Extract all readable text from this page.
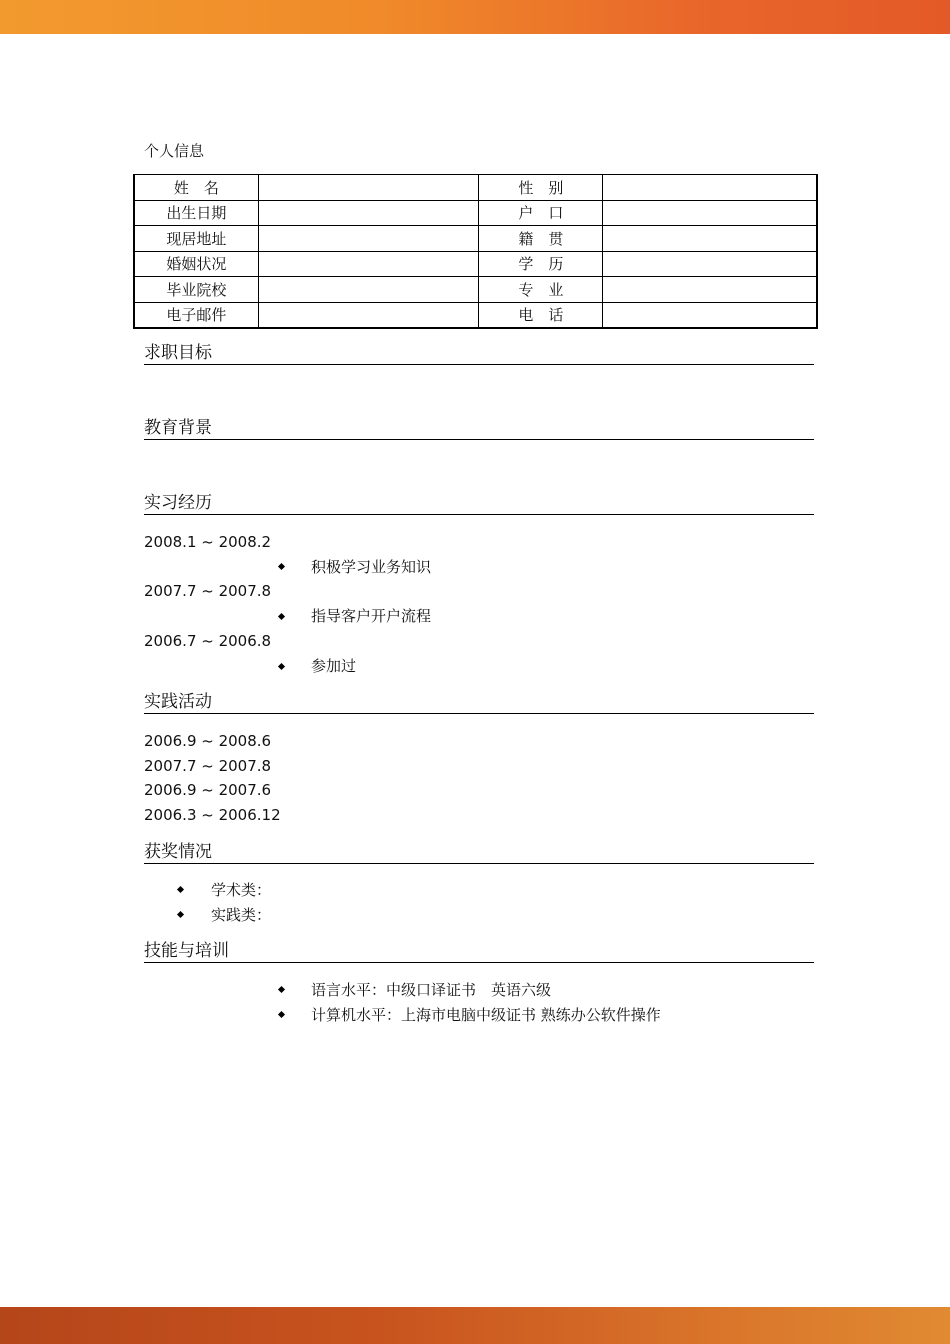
个人信息
姓　名		性　别	
出生日期		户　口	
现居地址		籍　贯	
婚姻状况		学　历	
毕业院校		专　业	
电子邮件		电　话	
求职目标
教育背景
实习经历
2008.1 ~ 2008.2
积极学习业务知识
2007.7 ~ 2007.8
指导客户开户流程
2006.7 ~ 2006.8
参加过
实践活动
2006.9 ~ 2008.6
2007.7 ~ 2007.8
2006.9 ~ 2007.6
2006.3 ~ 2006.12
获奖情况
学术类：
实践类：
技能与培训
语言水平：中级口译证书　英语六级
计算机水平：上海市电脑中级证书 熟练办公软件操作
